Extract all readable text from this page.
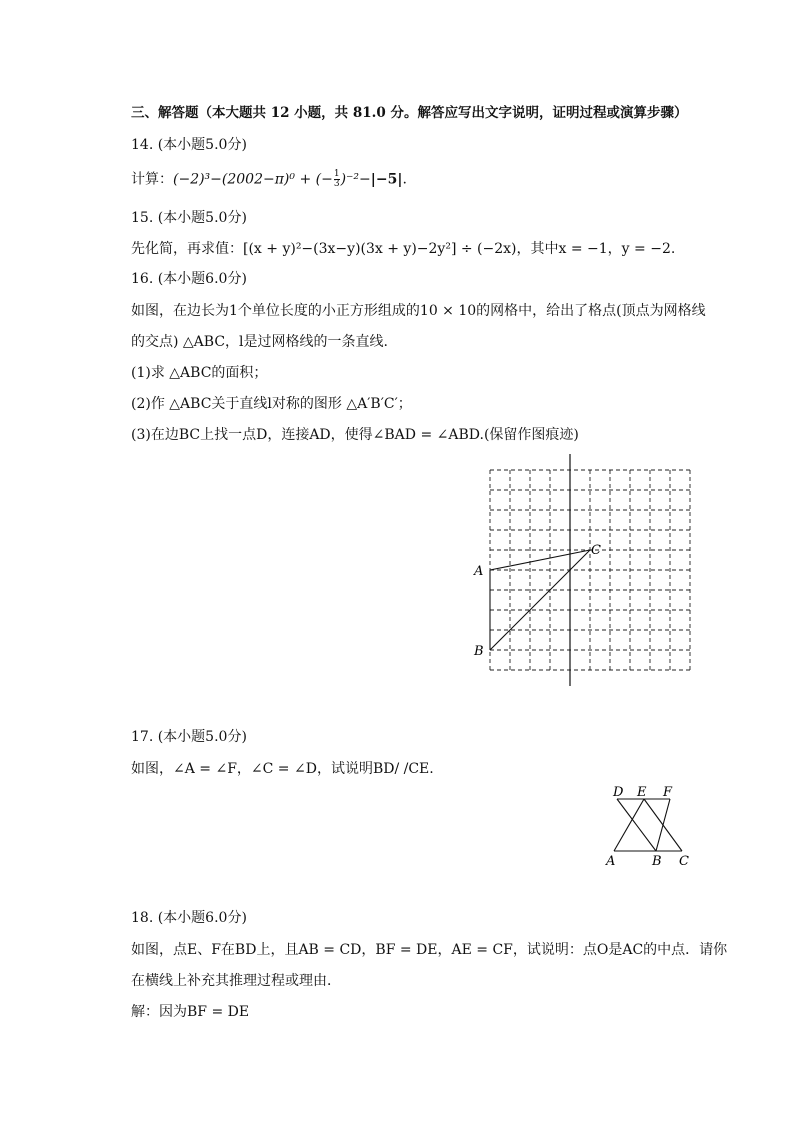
三、解答题（本大题共 12 小题，共 81.0 分。解答应写出文字说明，证明过程或演算步骤）
14. (本小题5.0分)
计算：(−2)³−(2002−π)⁰ + (− $\frac{1}{3} )^{-2}-|-5|$.
15. (本小题5.0分)
先化简，再求值：[(x + y)²−(3x−y)(3x + y)−2y²] ÷ (−2x)，其中x = −1，y = −2.
16. (本小题6.0分)
如图，在边长为1个单位长度的小正方形组成的10 × 10的网格中，给出了格点(顶点为网格线
的交点) △ABC，l是过网格线的一条直线.
(1)求 △ABC的面积；
(2)作 △ABC关于直线l对称的图形 △A′B′C′；
(3)在边BC上找一点D，连接AD，使得∠BAD = ∠ABD.(保留作图痕迹)
A
B
C
17. (本小题5.0分)
如图，∠A = ∠F，∠C = ∠D，试说明BD/ /CE.
D E F
A	B C
18. (本小题6.0分)
如图，点E、F在BD上，且AB = CD，BF = DE，AE = CF，试说明：点O是AC的中点．请你
在横线上补充其推理过程或理由．
解：因为BF = DE
